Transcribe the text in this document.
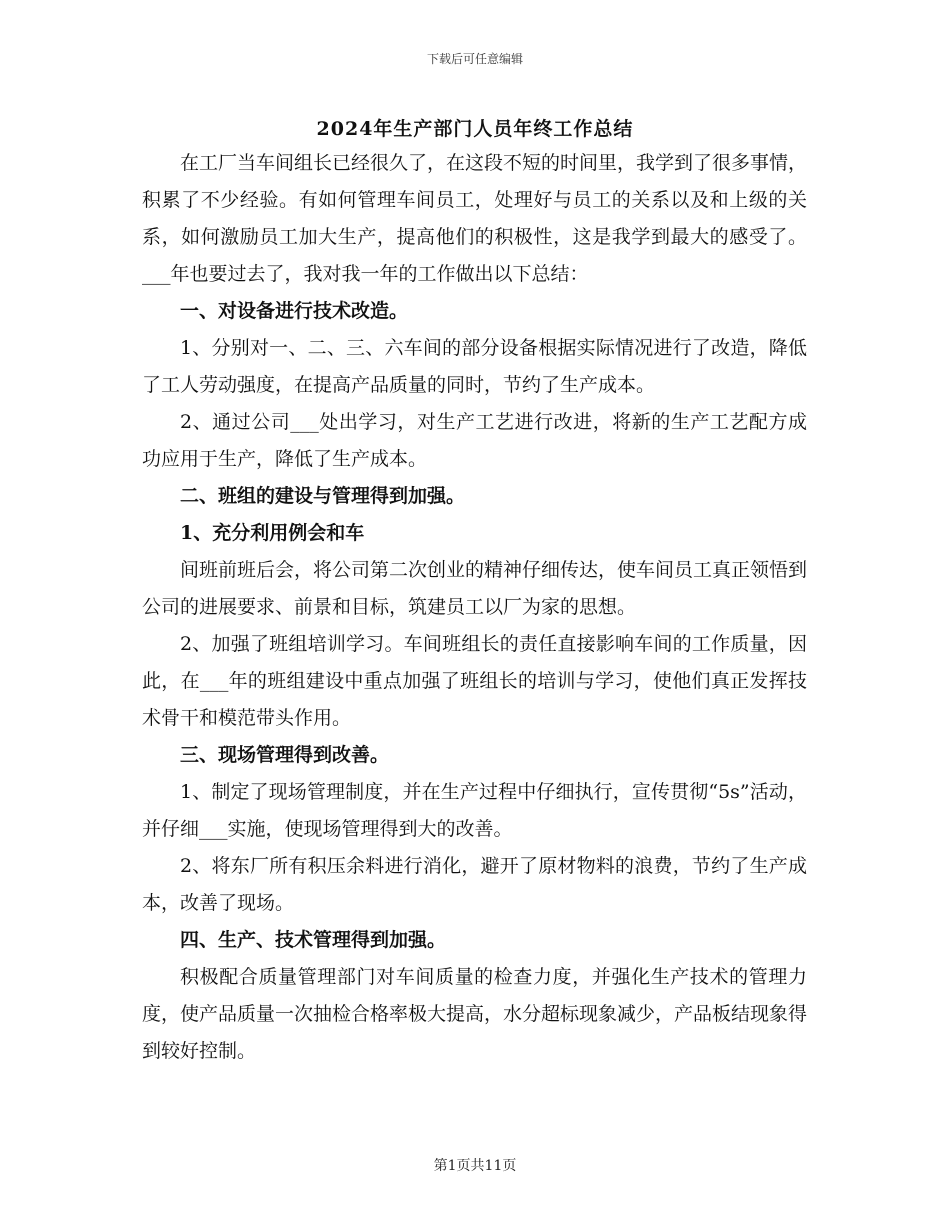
下载后可任意编辑
2024年生产部门人员年终工作总结

在工厂当车间组长已经很久了，在这段不短的时间里，我学到了很多事情，积累了不少经验。有如何管理车间员工，处理好与员工的关系以及和上级的关系，如何激励员工加大生产，提高他们的积极性，这是我学到最大的感受了。___年也要过去了，我对我一年的工作做出以下总结：

一、对设备进行技术改造。

1、分别对一、二、三、六车间的部分设备根据实际情况进行了改造，降低了工人劳动强度，在提高产品质量的同时，节约了生产成本。

2、通过公司___处出学习，对生产工艺进行改进，将新的生产工艺配方成功应用于生产，降低了生产成本。

二、班组的建设与管理得到加强。

1、充分利用例会和车

间班前班后会，将公司第二次创业的精神仔细传达，使车间员工真正领悟到公司的进展要求、前景和目标，筑建员工以厂为家的思想。

2、加强了班组培训学习。车间班组长的责任直接影响车间的工作质量，因此，在___年的班组建设中重点加强了班组长的培训与学习，使他们真正发挥技术骨干和模范带头作用。

三、现场管理得到改善。

1、制定了现场管理制度，并在生产过程中仔细执行，宣传贯彻“5s”活动，并仔细___实施，使现场管理得到大的改善。

2、将东厂所有积压余料进行消化，避开了原材物料的浪费，节约了生产成本，改善了现场。

四、生产、技术管理得到加强。

积极配合质量管理部门对车间质量的检查力度，并强化生产技术的管理力度，使产品质量一次抽检合格率极大提高，水分超标现象减少，产品板结现象得到较好控制。

第1页共11页
